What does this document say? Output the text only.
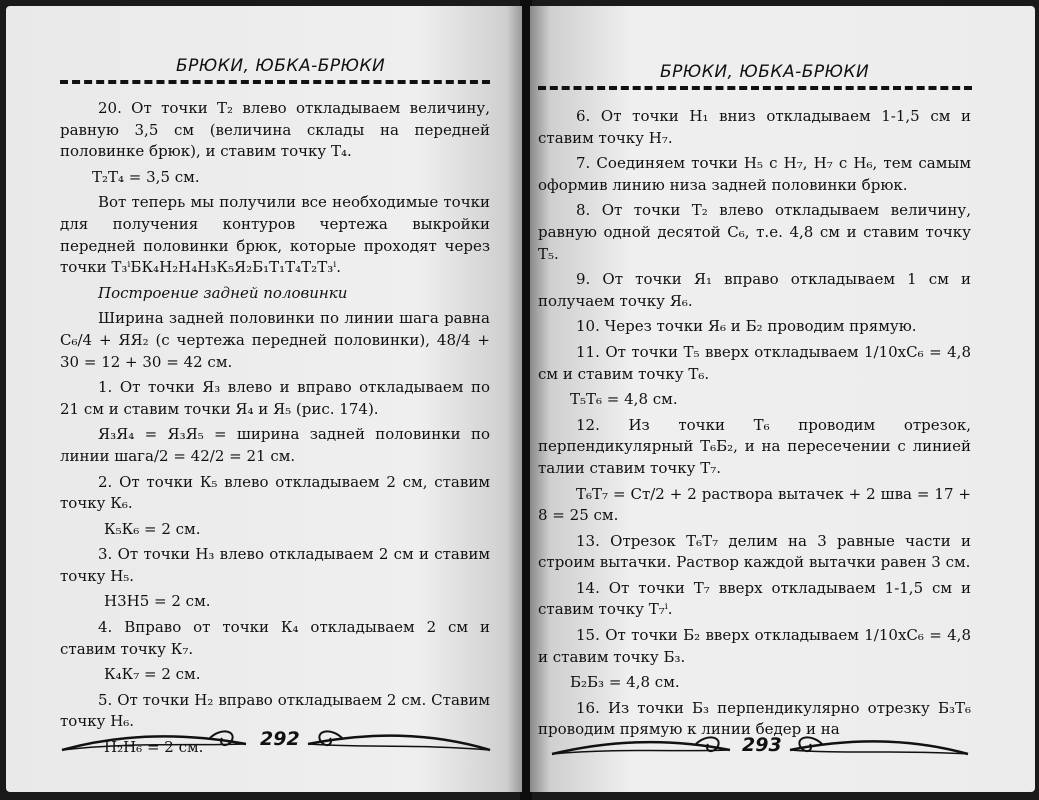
БРЮКИ, ЮБКА-БРЮКИ

20. От точки Т₂ влево откладываем величину, равную 3,5 см (величина склады на передней половинке брюк), и ставим точку Т₄.

Т₂Т₄ = 3,5 см.

Вот теперь мы получили все необходимые точки для получения контуров чертежа выкройки передней половинки брюк, которые проходят через точки Т₃ⁱБК₄Н₂Н₄Н₃К₅Я₂Б₁Т₁Т₄Т₂Т₃ⁱ.

Построение задней половинки

Ширина задней половинки по линии шага равна С₆/4 + ЯЯ₂ (с чертежа передней половинки), 48/4 + 30 = 12 + 30 = 42 см.

1. От точки Я₃ влево и вправо откладываем по 21 см и ставим точки Я₄ и Я₅ (рис. 174).

Я₃Я₄ = Я₃Я₅ = ширина задней половинки по линии шага/2 = 42/2 = 21 см.

2. От точки К₅ влево откладываем 2 см, ставим точку К₆.

К₅К₆ = 2 см.

3. От точки Н₃ влево откладываем 2 см и ставим точку Н₅.

Н3Н5 = 2 см.

4. Вправо от точки К₄ откладываем 2 см и ставим точку К₇.

К₄К₇ = 2 см.

5. От точки Н₂ вправо откладываем 2 см. Ставим точку Н₆.

Н₂Н₆ = 2 см.	292
БРЮКИ, ЮБКА-БРЮКИ

6. От точки Н₁ вниз откладываем 1-1,5 см и ставим точку Н₇.

7. Соединяем точки Н₅ с Н₇, Н₇ с Н₆, тем самым оформив линию низа задней половинки брюк.

8. От точки Т₂ влево откладываем величину, равную одной десятой С₆, т.е. 4,8 см и ставим точку Т₅.

9. От точки Я₁ вправо откладываем 1 см и получаем точку Я₆.

10. Через точки Я₆ и Б₂ проводим прямую.

11. От точки Т₅ вверх откладываем 1/10хС₆ = 4,8 см и ставим точку Т₆.

Т₅Т₆ = 4,8 см.

12. Из точки Т₆ проводим отрезок, перпендикулярный Т₆Б₂, и на пересечении с линией талии ставим точку Т₇.

Т₆Т₇ = Ст/2 + 2 раствора вытачек + 2 шва = 17 + 8 = 25 см.

13. Отрезок Т₆Т₇ делим на 3 равные части и строим вытачки. Раствор каждой вытачки равен 3 см.

14. От точки Т₇ вверх откладываем 1-1,5 см и ставим точку Т₇ⁱ.

15. От точки Б₂ вверх откладываем 1/10хС₆ = 4,8 и ставим точку Б₃.

Б₂Б₃ = 4,8 см.

16. Из точки Б₃ перпендикулярно отрезку Б₃Т₆ проводим прямую к линии бедер и на

293
